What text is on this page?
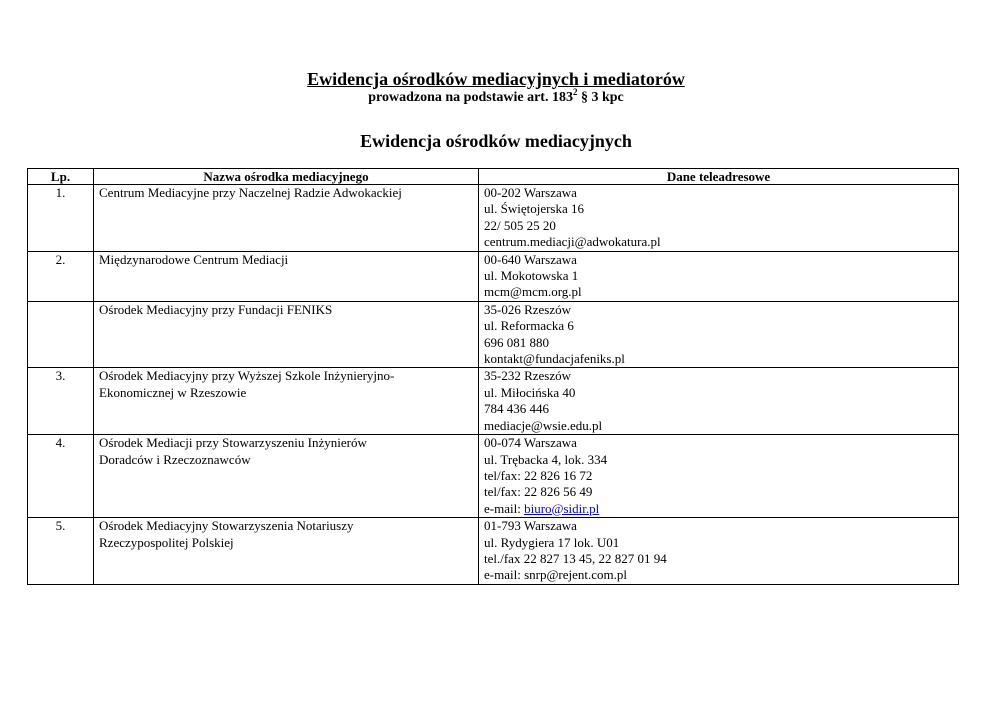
Ewidencja ośrodków mediacyjnych i mediatorów
prowadzona na podstawie art. $183^2$ § 3 kpc
Ewidencja ośrodków mediacyjnych
Lp.	Nazwa ośrodka mediacyjnego	Dane teleadresowe
1.	Centrum Mediacyjne przy Naczelnej Radzie Adwokackiej	00-202 Warszawa
ul. Świętojerska 16
22/ 505 25 20
centrum.mediacji@adwokatura.pl

2.	Międzynarodowe Centrum Mediacji	00-640 Warszawa
ul. Mokotowska 1
mcm@mcm.org.pl

	Ośrodek Mediacyjny przy Fundacji FENIKS	35-026 Rzeszów
ul. Reformacka 6
696 081 880
kontakt@fundacjafeniks.pl

3.	Ośrodek Mediacyjny przy Wyższej Szkole Inżynieryjno-
Ekonomicznej w Rzeszowie	35-232 Rzeszów
ul. Miłocińska 40
784 436 446
mediacje@wsie.edu.pl

4.	Ośrodek Mediacji przy Stowarzyszeniu Inżynierów
Doradców i Rzeczoznawców	00-074 Warszawa
ul. Trębacka 4, lok. 334
tel/fax: 22 826 16 72
tel/fax: 22 826 56 49
e-mail: biuro@sidir.pl

5.	Ośrodek Mediacyjny Stowarzyszenia Notariuszy
Rzeczypospolitej Polskiej	01-793 Warszawa
ul. Rydygiera 17 lok. U01
tel./fax 22 827 13 45, 22 827 01 94
e-mail: snrp@rejent.com.pl
